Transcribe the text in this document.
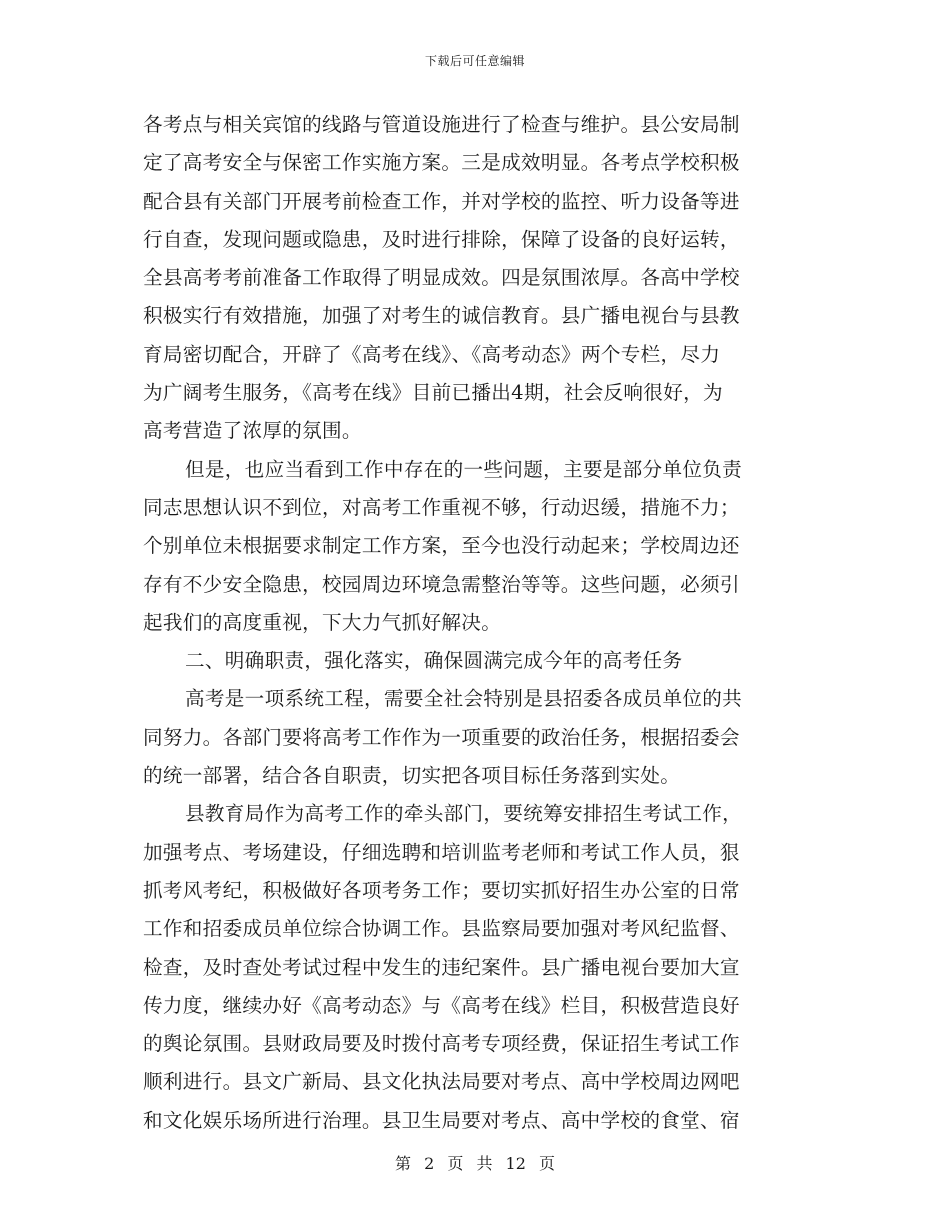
下载后可任意编辑
各考点与相关宾馆的线路与管道设施进行了检查与维护。县公安局制
定了高考安全与保密工作实施方案。三是成效明显。各考点学校积极
配合县有关部门开展考前检查工作，并对学校的监控、听力设备等进
行自查，发现问题或隐患，及时进行排除，保障了设备的良好运转，
全县高考考前准备工作取得了明显成效。四是氛围浓厚。各高中学校
积极实行有效措施，加强了对考生的诚信教育。县广播电视台与县教
育局密切配合，开辟了《高考在线》、《高考动态》两个专栏，尽力
为广阔考生服务，《高考在线》目前已播出4期，社会反响很好，为
高考营造了浓厚的氛围。
但是，也应当看到工作中存在的一些问题，主要是部分单位负责
同志思想认识不到位，对高考工作重视不够，行动迟缓，措施不力；
个别单位未根据要求制定工作方案，至今也没行动起来；学校周边还
存有不少安全隐患，校园周边环境急需整治等等。这些问题，必须引
起我们的高度重视，下大力气抓好解决。
二、明确职责，强化落实，确保圆满完成今年的高考任务
高考是一项系统工程，需要全社会特别是县招委各成员单位的共
同努力。各部门要将高考工作作为一项重要的政治任务，根据招委会
的统一部署，结合各自职责，切实把各项目标任务落到实处。
县教育局作为高考工作的牵头部门，要统筹安排招生考试工作，
加强考点、考场建设，仔细选聘和培训监考老师和考试工作人员，狠
抓考风考纪，积极做好各项考务工作；要切实抓好招生办公室的日常
工作和招委成员单位综合协调工作。县监察局要加强对考风纪监督、
检查，及时查处考试过程中发生的违纪案件。县广播电视台要加大宣
传力度，继续办好《高考动态》与《高考在线》栏目，积极营造良好
的舆论氛围。县财政局要及时拨付高考专项经费，保证招生考试工作
顺利进行。县文广新局、县文化执法局要对考点、高中学校周边网吧
和文化娱乐场所进行治理。县卫生局要对考点、高中学校的食堂、宿
第 2 页 共 12 页
